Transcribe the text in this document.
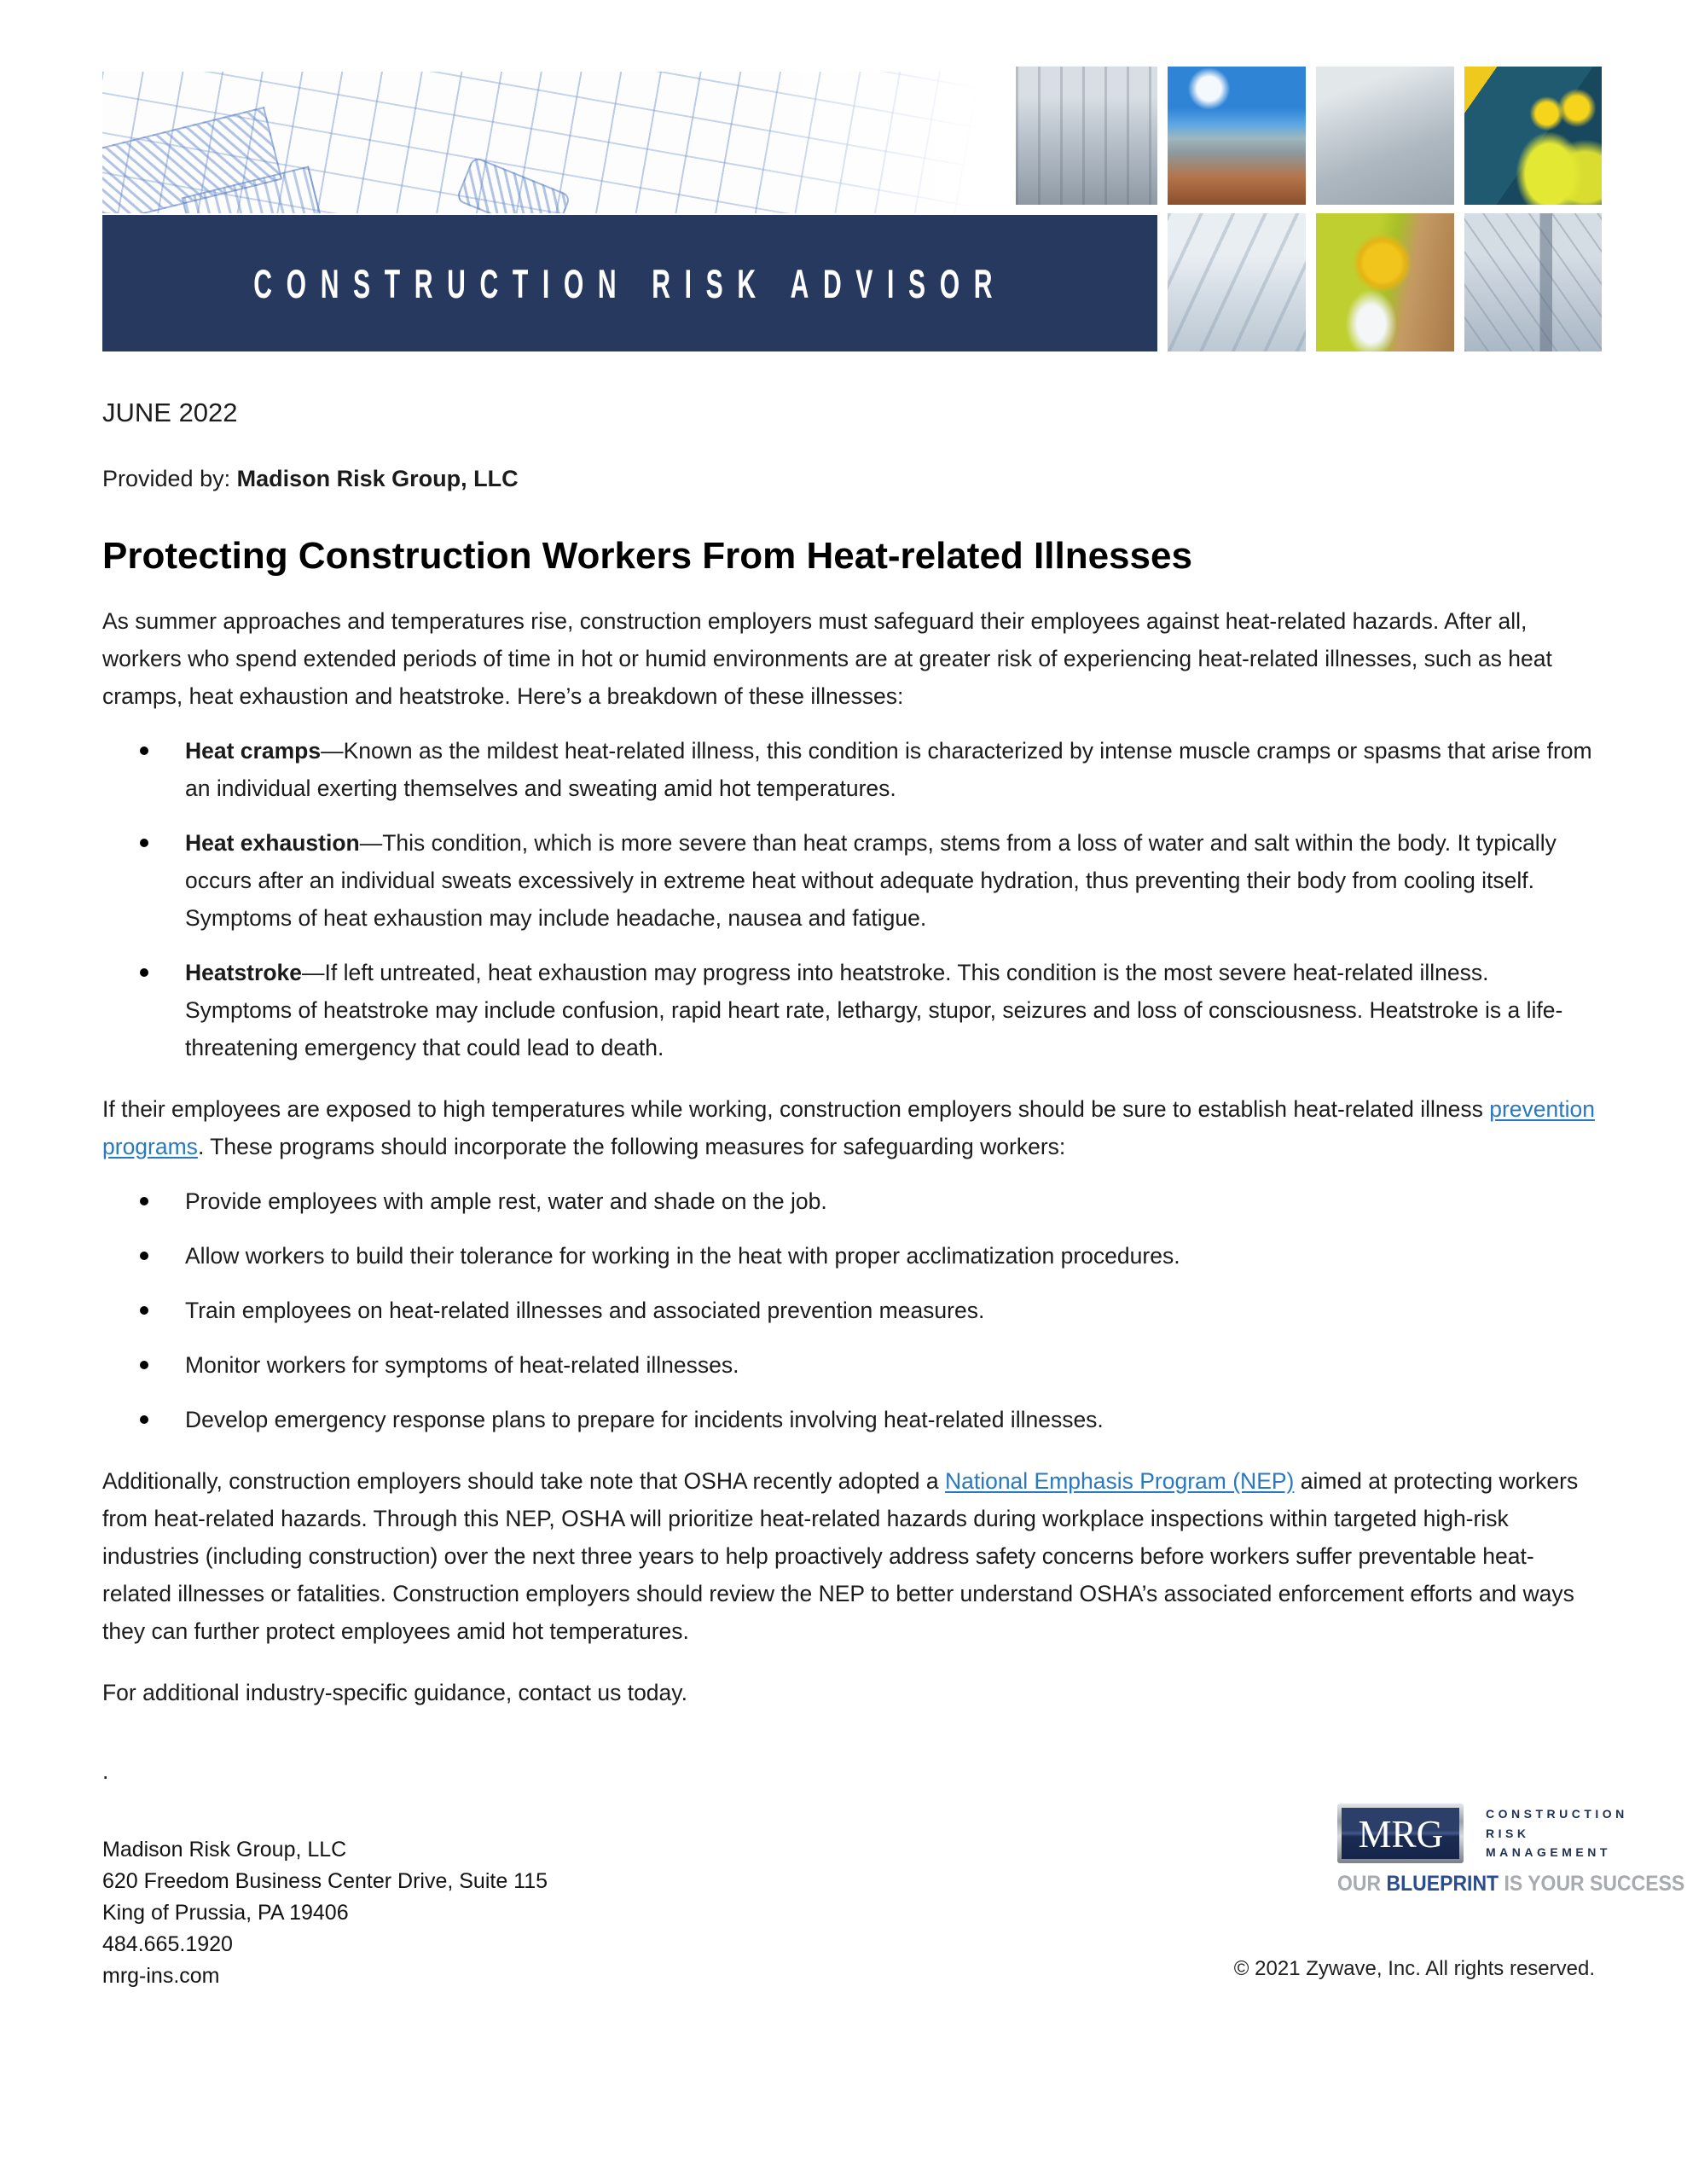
CONSTRUCTION RISK ADVISOR
JUNE 2022
Provided by: Madison Risk Group, LLC
Protecting Construction Workers From Heat-related Illnesses

As summer approaches and temperatures rise, construction employers must safeguard their employees against heat-related hazards. After all, workers who spend extended periods of time in hot or humid environments are at greater risk of experiencing heat-related illnesses, such as heat cramps, heat exhaustion and heatstroke. Here’s a breakdown of these illnesses:

Heat cramps—Known as the mildest heat-related illness, this condition is characterized by intense muscle cramps or spasms that arise from an individual exerting themselves and sweating amid hot temperatures.
Heat exhaustion—This condition, which is more severe than heat cramps, stems from a loss of water and salt within the body. It typically occurs after an individual sweats excessively in extreme heat without adequate hydration, thus preventing their body from cooling itself. Symptoms of heat exhaustion may include headache, nausea and fatigue.
Heatstroke—If left untreated, heat exhaustion may progress into heatstroke. This condition is the most severe heat-related illness. Symptoms of heatstroke may include confusion, rapid heart rate, lethargy, stupor, seizures and loss of consciousness. Heatstroke is a life-threatening emergency that could lead to death.

If their employees are exposed to high temperatures while working, construction employers should be sure to establish heat-related illness prevention programs. These programs should incorporate the following measures for safeguarding workers:

Provide employees with ample rest, water and shade on the job.
Allow workers to build their tolerance for working in the heat with proper acclimatization procedures.
Train employees on heat-related illnesses and associated prevention measures.
Monitor workers for symptoms of heat-related illnesses.
Develop emergency response plans to prepare for incidents involving heat-related illnesses.

Additionally, construction employers should take note that OSHA recently adopted a National Emphasis Program (NEP) aimed at protecting workers from heat-related hazards. Through this NEP, OSHA will prioritize heat-related hazards during workplace inspections within targeted high-risk industries (including construction) over the next three years to help proactively address safety concerns before workers suffer preventable heat-related illnesses or fatalities. Construction employers should review the NEP to better understand OSHA’s associated enforcement efforts and ways they can further protect employees amid hot temperatures.

For additional industry-specific guidance, contact us today.

.

Madison Risk Group, LLC
620 Freedom Business Center Drive, Suite 115
King of Prussia, PA 19406
484.665.1920
mrg-ins.com
MRG	CONSTRUCTION
RISK
MANAGEMENT
OUR BLUEPRINT IS YOUR SUCCESS
© 2021 Zywave, Inc. All rights reserved.
